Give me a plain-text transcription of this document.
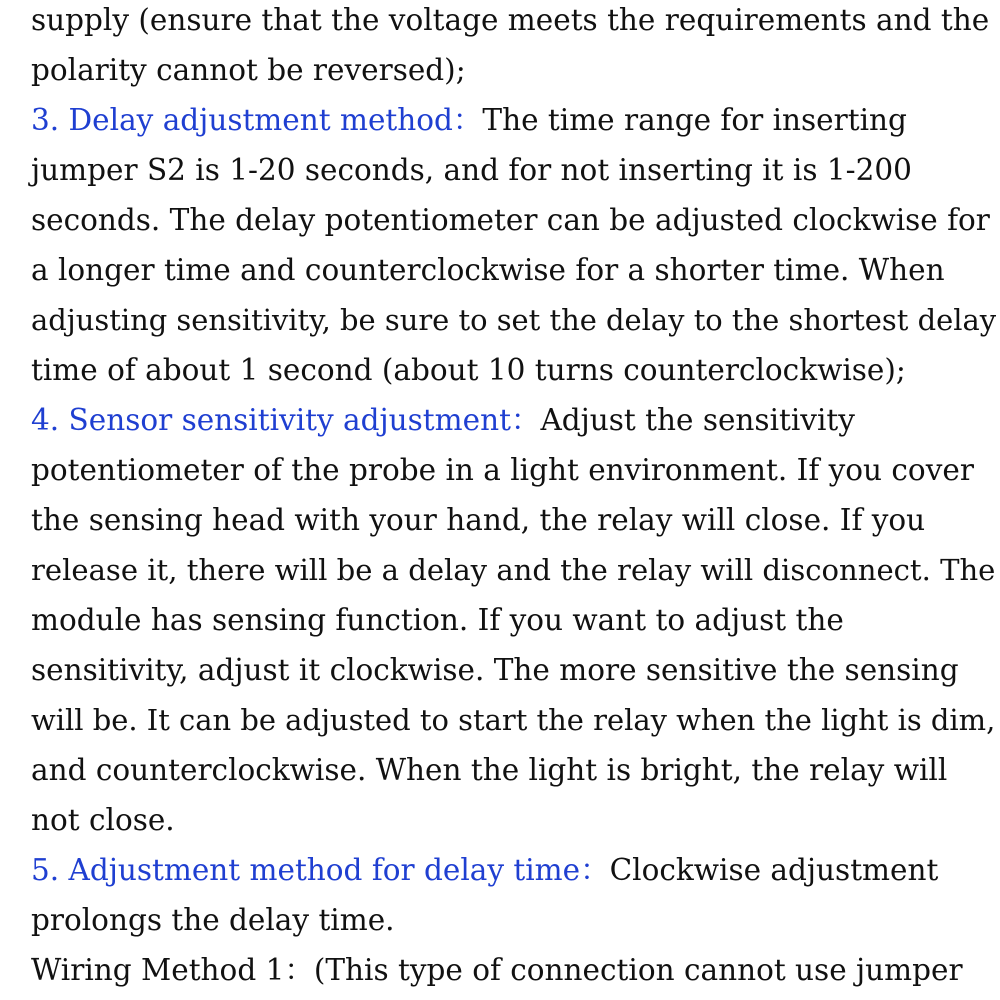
supply (ensure that the voltage meets the requirements and the
polarity cannot be reversed);
3. Delay adjustment method：The time range for inserting
jumper S2 is 1-20 seconds, and for not inserting it is 1-200
seconds. The delay potentiometer can be adjusted clockwise for
a longer time and counterclockwise for a shorter time. When
adjusting sensitivity, be sure to set the delay to the shortest delay
time of about 1 second (about 10 turns counterclockwise);
4. Sensor sensitivity adjustment：Adjust the sensitivity
potentiometer of the probe in a light environment. If you cover
the sensing head with your hand, the relay will close. If you
release it, there will be a delay and the relay will disconnect. The
module has sensing function. If you want to adjust the
sensitivity, adjust it clockwise. The more sensitive the sensing
will be. It can be adjusted to start the relay when the light is dim,
and counterclockwise. When the light is bright, the relay will
not close.
5. Adjustment method for delay time：Clockwise adjustment
prolongs the delay time.
Wiring Method 1：(This type of connection cannot use jumper
